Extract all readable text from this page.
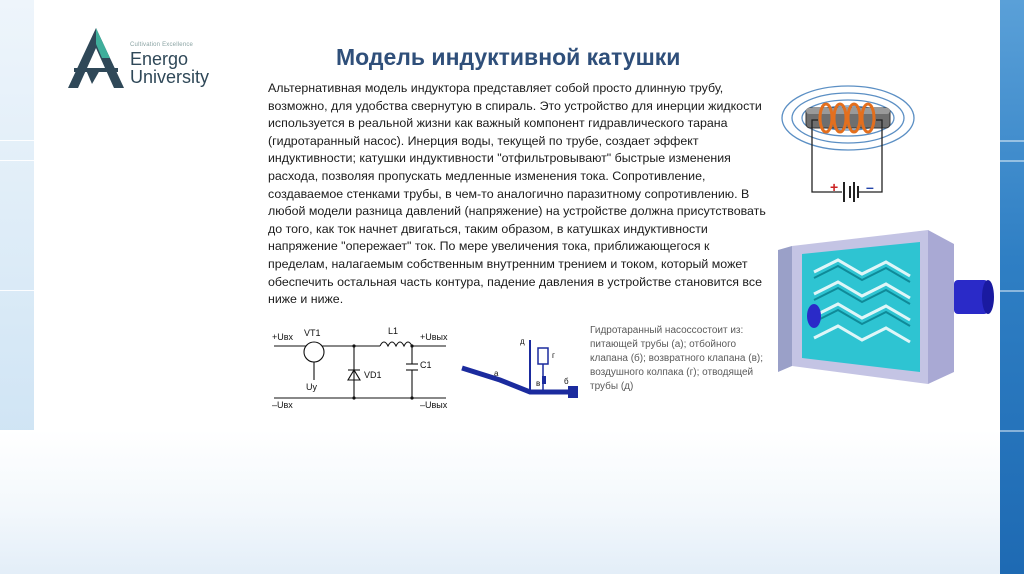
Cultivation Excellence
Energo
University
Модель индуктивной катушки
Альтернативная модель индуктора представляет собой просто длинную трубу, возможно, для удобства свернутую в спираль. Это устройство для инерции жидкости используется в реальной жизни как важный компонент гидравлического тарана (гидротаранный насос). Инерция воды, текущей по трубе, создает эффект индуктивности; катушки индуктивности "отфильтровывают" быстрые изменения расхода, позволяя пропускать медленные изменения тока. Сопротивление, создаваемое стенками трубы, в чем-то аналогично паразитному сопротивлению. В любой модели разница давлений (напряжение) на устройстве должна присутствовать до того, как ток начнет двигаться, таким образом, в катушках индуктивности напряжение "опережает" ток. По мере увеличения тока, приближающегося к пределам, налагаемым собственным внутренним трением и током, который может обеспечить остальная часть контура, падение давления в устройстве становится все ниже и ниже.
+ –
+Uвх VT1	L1
+Uвых
VD1
C1
Uy
–Uвх	–Uвых
а
б
в
г
д
Гидротаранный насоссостоит из: питающей трубы (а); отбойного клапана (б); возвратного клапана (в); воздушного колпака (г); отводящей трубы (д)
